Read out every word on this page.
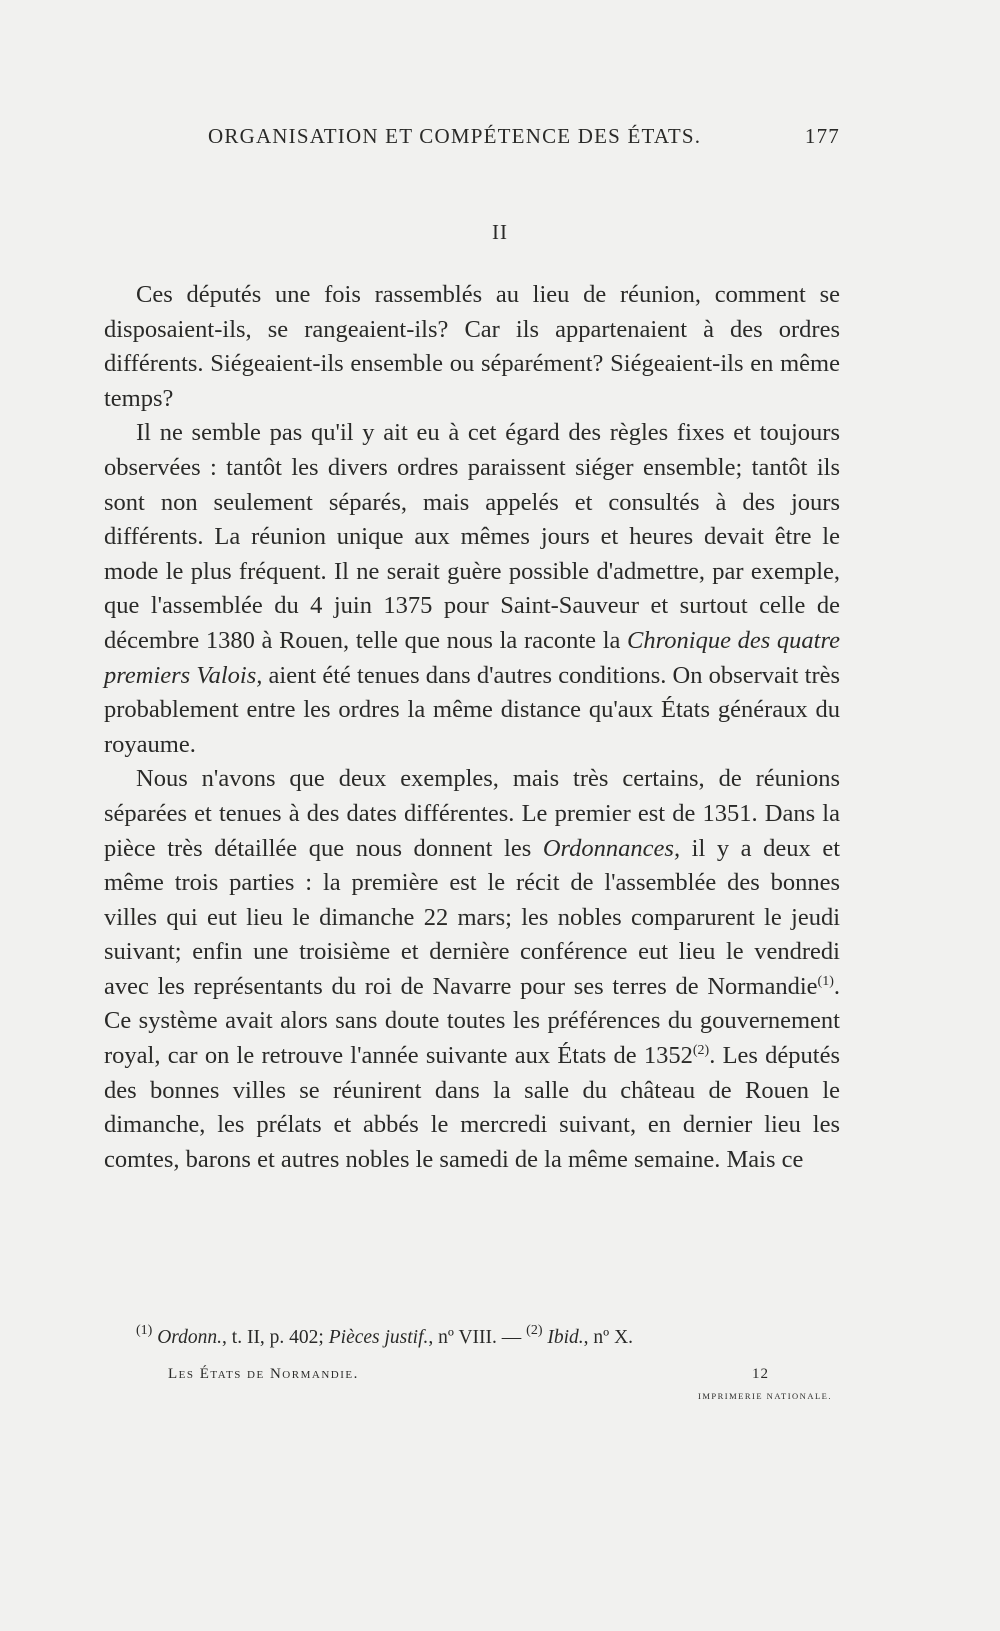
ORGANISATION ET COMPÉTENCE DES ÉTATS.	177
II

Ces députés une fois rassemblés au lieu de réunion, comment se disposaient-ils, se rangeaient-ils? Car ils appartenaient à des ordres différents. Siégeaient-ils ensemble ou séparément? Siégeaient-ils en même temps?

Il ne semble pas qu'il y ait eu à cet égard des règles fixes et toujours observées : tantôt les divers ordres paraissent siéger ensemble; tantôt ils sont non seulement séparés, mais appelés et consultés à des jours différents. La réunion unique aux mêmes jours et heures devait être le mode le plus fréquent. Il ne serait guère possible d'admettre, par exemple, que l'assemblée du 4 juin 1375 pour Saint-Sauveur et surtout celle de décembre 1380 à Rouen, telle que nous la raconte la Chronique des quatre premiers Valois, aient été tenues dans d'autres conditions. On observait très probablement entre les ordres la même distance qu'aux États généraux du royaume.

Nous n'avons que deux exemples, mais très certains, de réunions séparées et tenues à des dates différentes. Le premier est de 1351. Dans la pièce très détaillée que nous donnent les Ordonnances, il y a deux et même trois parties : la première est le récit de l'assemblée des bonnes villes qui eut lieu le dimanche 22 mars; les nobles comparurent le jeudi suivant; enfin une troisième et dernière conférence eut lieu le vendredi avec les représentants du roi de Navarre pour ses terres de Normandie$^{(1)}$. Ce système avait alors sans doute toutes les préférences du gouvernement royal, car on le retrouve l'année suivante aux États de 1352$^{(2)}$. Les députés des bonnes villes se réunirent dans la salle du château de Rouen le dimanche, les prélats et abbés le mercredi suivant, en dernier lieu les comtes, barons et autres nobles le samedi de la même semaine. Mais ce

$^{(1)}$ Ordonn., t. II, p. 402; Pièces justif., nº VIII. — $^{(2)}$ Ibid., nº X.
Les États de Normandie.	12
IMPRIMERIE NATIONALE.
